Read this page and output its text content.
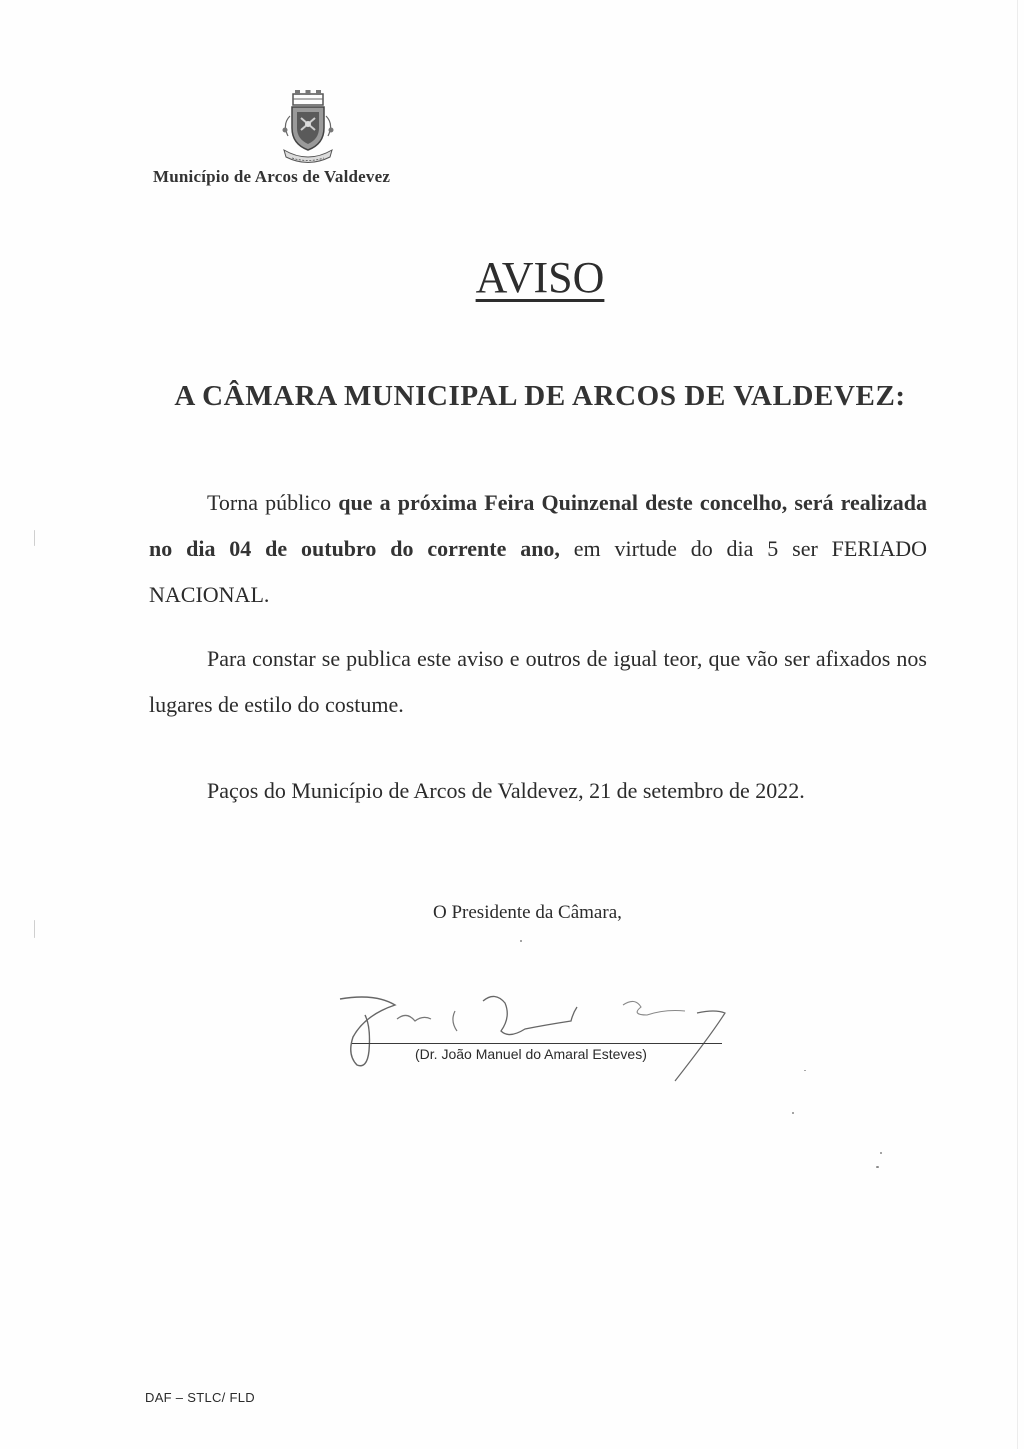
Município de Arcos de Valdevez
AVISO
A CÂMARA MUNICIPAL DE ARCOS DE VALDEVEZ:

Torna público que a próxima Feira Quinzenal deste concelho, será realizada no dia 04 de outubro do corrente ano, em virtude do dia 5 ser FERIADO NACIONAL.

Para constar se publica este aviso e outros de igual teor, que vão ser afixados nos lugares de estilo do costume.

Paços do Município de Arcos de Valdevez, 21 de setembro de 2022.
O Presidente da Câmara,
(Dr. João Manuel do Amaral Esteves)
DAF – STLC/ FLD
